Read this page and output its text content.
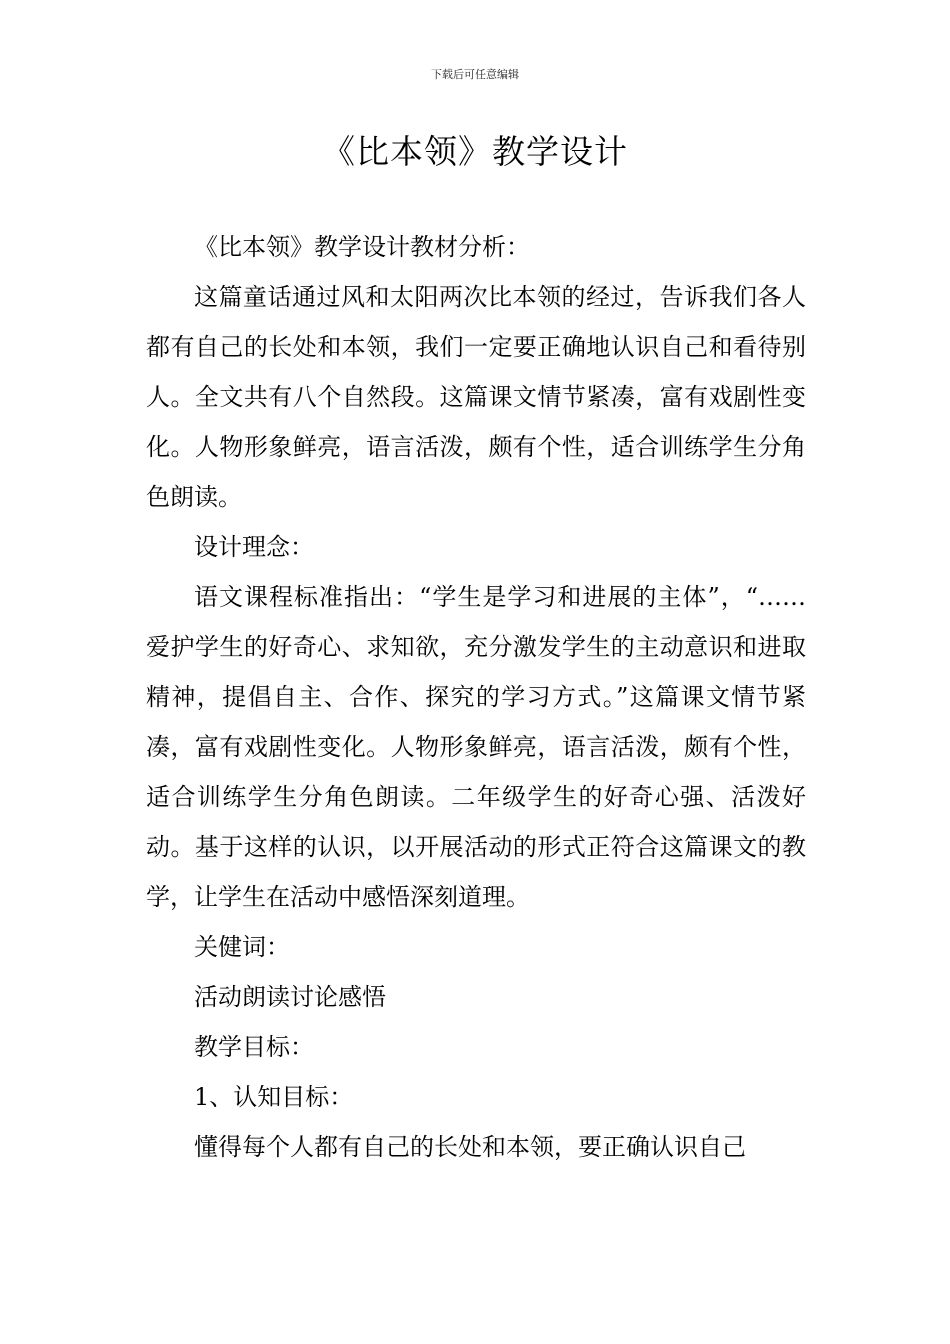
下载后可任意编辑
《比本领》教学设计

《比本领》教学设计教材分析：

这篇童话通过风和太阳两次比本领的经过，告诉我们各人都有自己的长处和本领，我们一定要正确地认识自己和看待别人。全文共有八个自然段。这篇课文情节紧凑，富有戏剧性变化。人物形象鲜亮，语言活泼，颇有个性，适合训练学生分角色朗读。

设计理念：

语文课程标准指出：“学生是学习和进展的主体”，“……爱护学生的好奇心、求知欲，充分激发学生的主动意识和进取精神，提倡自主、合作、探究的学习方式。”这篇课文情节紧凑，富有戏剧性变化。人物形象鲜亮，语言活泼，颇有个性，适合训练学生分角色朗读。二年级学生的好奇心强、活泼好动。基于这样的认识，以开展活动的形式正符合这篇课文的教学，让学生在活动中感悟深刻道理。

关健词：

活动朗读讨论感悟

教学目标：

1、认知目标：

懂得每个人都有自己的长处和本领，要正确认识自己
